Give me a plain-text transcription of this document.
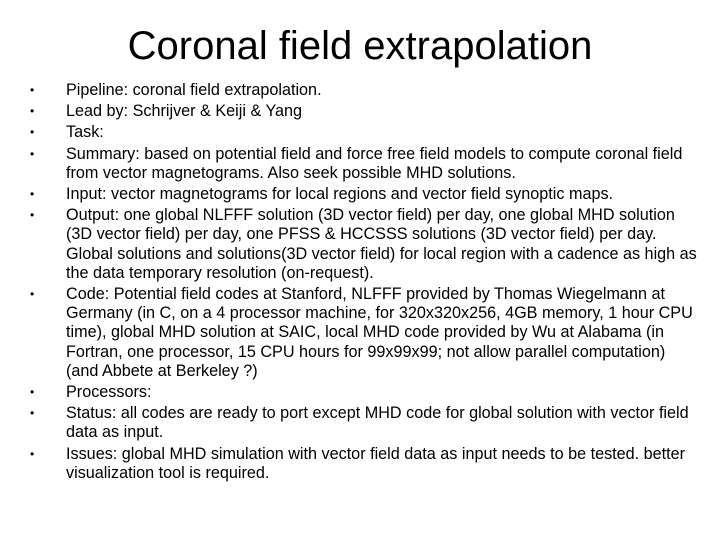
Coronal field extrapolation
•	Pipeline: coronal field extrapolation.
•	Lead by: Schrijver & Keiji & Yang
•	Task:
•	Summary: based on potential field and force free field models to compute coronal field from vector magnetograms. Also seek possible MHD solutions.
•	Input: vector magnetograms for local regions and vector field synoptic maps.
•	Output: one global NLFFF solution (3D vector field) per day, one global MHD solution (3D vector field) per day, one PFSS & HCCSSS solutions (3D vector field) per day. Global solutions and solutions(3D vector field) for local region with a cadence as high as the data temporary resolution (on-request).
•	Code: Potential field codes at Stanford, NLFFF provided by Thomas Wiegelmann at Germany (in C, on a 4 processor machine, for 320x320x256, 4GB memory, 1 hour CPU time), global MHD solution at SAIC, local MHD code provided by Wu at Alabama (in Fortran, one processor, 15 CPU hours for 99x99x99; not allow parallel computation) (and Abbete at Berkeley ?)
•	Processors:
•	Status: all codes are ready to port except MHD code for global solution with vector field data as input.
•	Issues: global MHD simulation with vector field data as input needs to be tested. better visualization tool is required.
